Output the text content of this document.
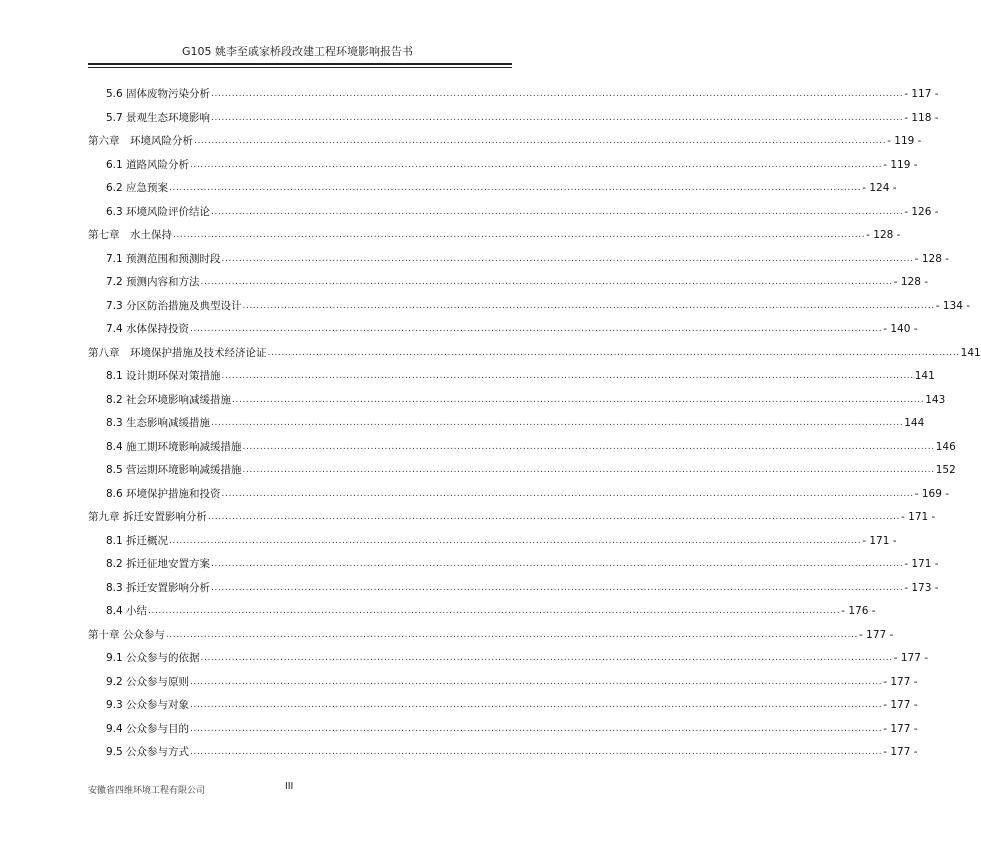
G105 姚李至戚家桥段改建工程环境影响报告书
5.6 固体废物污染分析 ........................................................................................................................................................................................................ - 117 -
5.7 景观生态环境影响 ........................................................................................................................................................................................................ - 118 -
第六章　环境风险分析 ........................................................................................................................................................................................................ - 119 -
6.1 道路风险分析 ........................................................................................................................................................................................................ - 119 -
6.2 应急预案 ........................................................................................................................................................................................................ - 124 -
6.3 环境风险评价结论 ........................................................................................................................................................................................................ - 126 -
第七章　水土保持 ........................................................................................................................................................................................................ - 128 -
7.1 预测范围和预测时段 ........................................................................................................................................................................................................ - 128 -
7.2 预测内容和方法 ........................................................................................................................................................................................................ - 128 -
7.3 分区防治措施及典型设计 ........................................................................................................................................................................................................ - 134 -
7.4 水体保持投资 ........................................................................................................................................................................................................ - 140 -
第八章　环境保护措施及技术经济论证 ........................................................................................................................................................................................................ 141
8.1 设计期环保对策措施 ........................................................................................................................................................................................................ 141
8.2 社会环境影响减缓措施 ........................................................................................................................................................................................................ 143
8.3 生态影响减缓措施 ........................................................................................................................................................................................................ 144
8.4 施工期环境影响减缓措施 ........................................................................................................................................................................................................ 146
8.5 营运期环境影响减缓措施 ........................................................................................................................................................................................................ 152
8.6 环境保护措施和投资 ........................................................................................................................................................................................................ - 169 -
第九章 拆迁安置影响分析 ........................................................................................................................................................................................................ - 171 -
8.1 拆迁概况 ........................................................................................................................................................................................................ - 171 -
8.2 拆迁征地安置方案 ........................................................................................................................................................................................................ - 171 -
8.3 拆迁安置影响分析 ........................................................................................................................................................................................................ - 173 -
8.4 小结 ........................................................................................................................................................................................................ - 176 -
第十章 公众参与 ........................................................................................................................................................................................................ - 177 -
9.1 公众参与的依据 ........................................................................................................................................................................................................ - 177 -
9.2 公众参与原则 ........................................................................................................................................................................................................ - 177 -
9.3 公众参与对象 ........................................................................................................................................................................................................ - 177 -
9.4 公众参与目的 ........................................................................................................................................................................................................ - 177 -
9.5 公众参与方式 ........................................................................................................................................................................................................ - 177 -
安徽省四维环境工程有限公司	III
